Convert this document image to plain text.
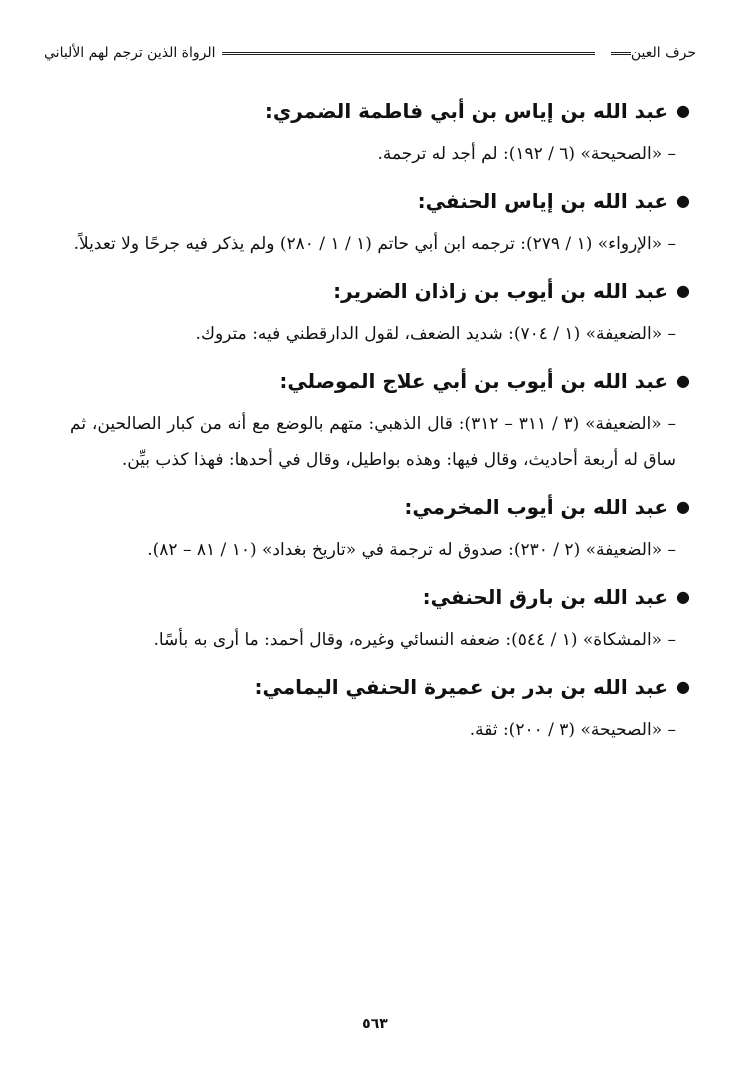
حرف العين
الرواة الذين ترجم لهم الألباني

●
عبد الله بن إياس بن أبي فاطمة الضمري:

– «الصحيحة» (٦ / ١٩٢): لم أجد له ترجمة.

●
عبد الله بن إياس الحنفي:

– «الإرواء» (١ / ٢٧٩): ترجمه ابن أبي حاتم (١ / ١ / ٢٨٠) ولم يذكر فيه جرحًا ولا تعديلاً.

●
عبد الله بن أيوب بن زاذان الضرير:

– «الضعيفة» (١ / ٧٠٤): شديد الضعف، لقول الدارقطني فيه: متروك.

●
عبد الله بن أيوب بن أبي علاج الموصلي:

– «الضعيفة» (٣ / ٣١١ – ٣١٢): قال الذهبي: متهم بالوضع مع أنه من كبار الصالحين، ثم ساق له أربعة أحاديث، وقال فيها: وهذه بواطيل، وقال في أحدها: فهذا كذب بيِّن.

●
عبد الله بن أيوب المخرمي:

– «الضعيفة» (٢ / ٢٣٠): صدوق له ترجمة في «تاريخ بغداد» (١٠ / ٨١ – ٨٢).

●
عبد الله بن بارق الحنفي:

– «المشكاة» (١ / ٥٤٤): ضعفه النسائي وغيره، وقال أحمد: ما أرى به بأسًا.

●
عبد الله بن بدر بن عميرة الحنفي اليمامي:

– «الصحيحة» (٣ / ٢٠٠): ثقة.

٥٦٣
